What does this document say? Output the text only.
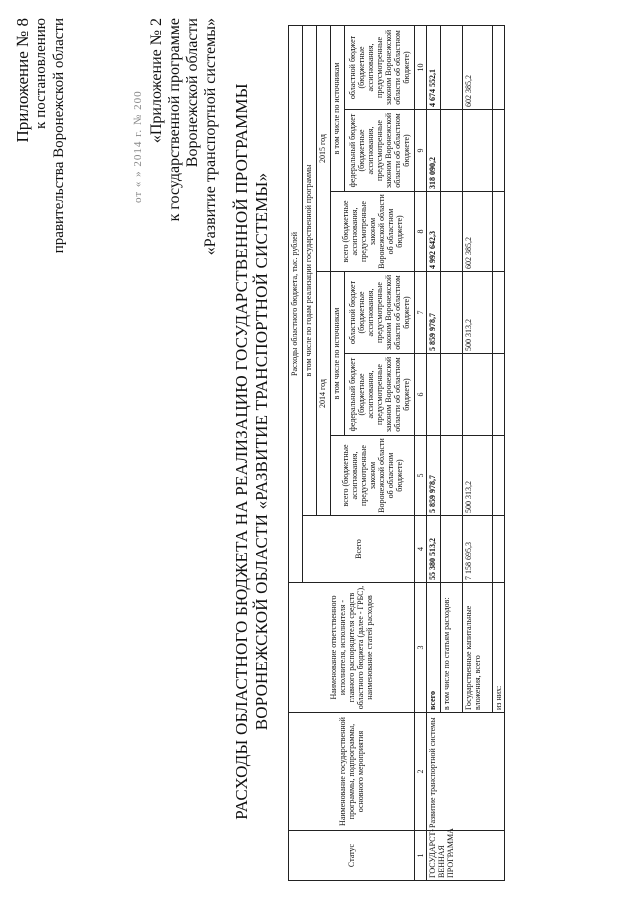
Приложение № 8 к постановлению правительства Воронежской области	от « » 2014 г. № 200
«Приложение № 2 к государственной программе Воронежской области «Развитие транспортной системы» РАСХОДЫ ОБЛАСТНОГО БЮДЖЕТА НА РЕАЛИЗАЦИЮ ГОСУДАРСТВЕННОЙ ПРОГРАММЫ ВОРОНЕЖСКОЙ ОБЛАСТИ «РАЗВИТИЕ ТРАНСПОРТНОЙ СИСТЕМЫ»
Статус	Наименование государственной программы, подпрограммы, основного мероприятия	Наименование ответственного исполнителя, исполнителя - главного распорядителя средств областного бюджета (далее - ГРБС), наименование статей расходов	Расходы областного бюджета, тыс. рублей						
			Всего	в том числе по годам реализации государственной программы					
				2014 год			2015 год		
				всего (бюджетные ассигнования, предусмотренные законом Воронежской области об областном бюджете)	в том числе по источникам		всего (бюджетные ассигнования, предусмотренные законом Воронежской области об областном бюджете)	в том числе по источникам	
					федеральный бюджет (бюджетные ассигнования, предусмотренные законом Воронежской области об областном бюджете)	областной бюджет (бюджетные ассигнования, предусмотренные законом Воронежской области об областном бюджете)		федеральный бюджет (бюджетные ассигнования, предусмотренные законом Воронежской области об областном бюджете)	областной бюджет (бюджетные ассигнования, предусмотренные законом Воронежской области об областном бюджете)
1	2	3	4	5	6	7	8	9	10
ГОСУДАРСТ-ВЕННАЯ ПРОГРАММА	Развитие транспортной системы	всего	55 380 513,2	5 859 978,7		5 859 978,7	4 992 642,3	318 090,2	4 674 552,1
		в том числе по статьям расходов:							
		Государственные капитальные вложения, всего	7 158 695,3	500 313,2		500 313,2	602 385,2		602 385,2
		из них:							
